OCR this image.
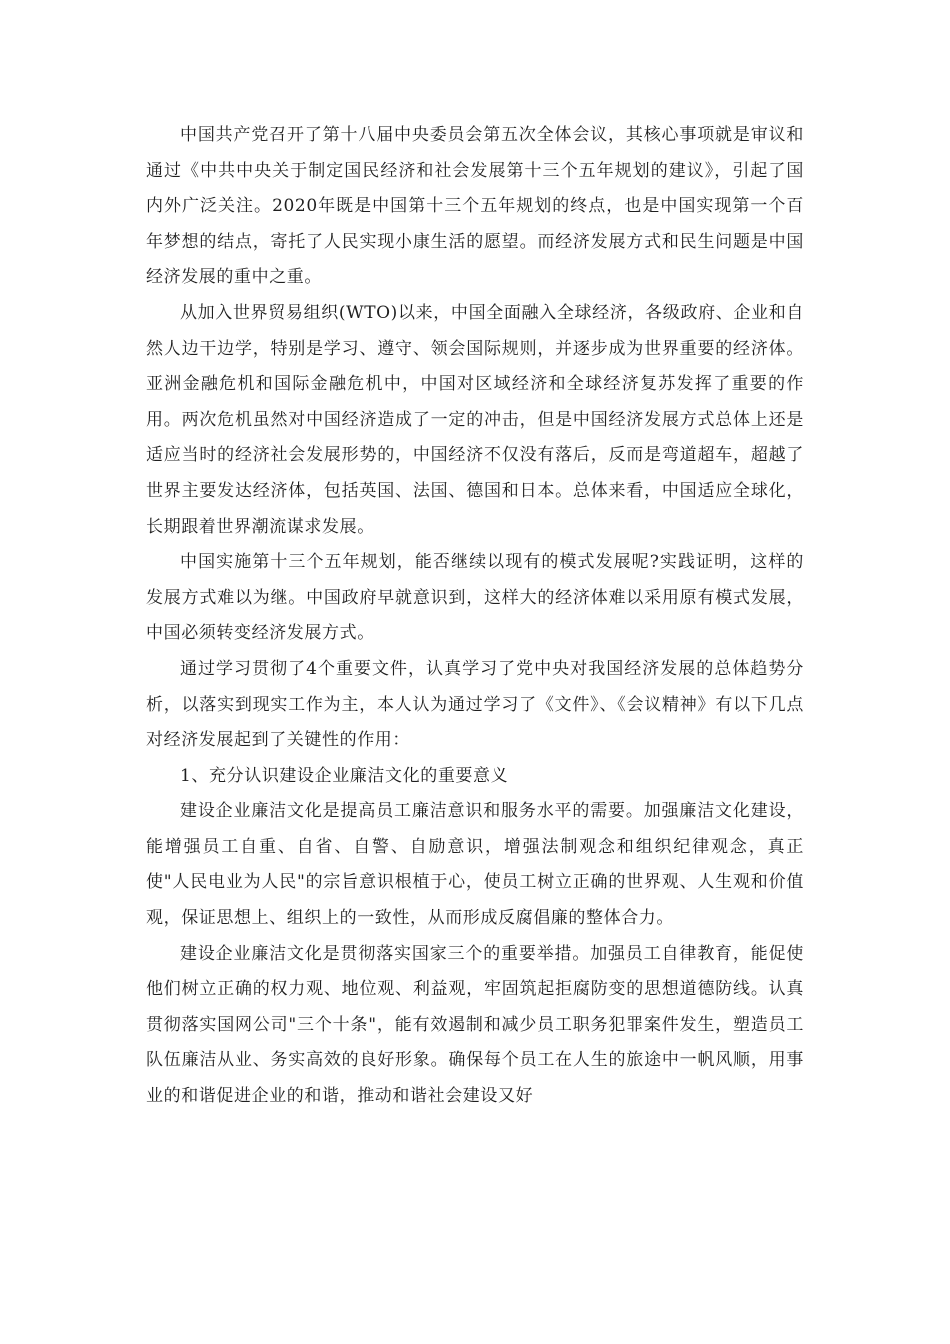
中国共产党召开了第十八届中央委员会第五次全体会议，其核心事项就是审议和通过《中共中央关于制定国民经济和社会发展第十三个五年规划的建议》，引起了国内外广泛关注。2020年既是中国第十三个五年规划的终点，也是中国实现第一个百年梦想的结点，寄托了人民实现小康生活的愿望。而经济发展方式和民生问题是中国经济发展的重中之重。

从加入世界贸易组织(WTO)以来，中国全面融入全球经济，各级政府、企业和自然人边干边学，特别是学习、遵守、领会国际规则，并逐步成为世界重要的经济体。亚洲金融危机和国际金融危机中，中国对区域经济和全球经济复苏发挥了重要的作用。两次危机虽然对中国经济造成了一定的冲击，但是中国经济发展方式总体上还是适应当时的经济社会发展形势的，中国经济不仅没有落后，反而是弯道超车，超越了世界主要发达经济体，包括英国、法国、德国和日本。总体来看，中国适应全球化，长期跟着世界潮流谋求发展。

中国实施第十三个五年规划，能否继续以现有的模式发展呢?实践证明，这样的发展方式难以为继。中国政府早就意识到，这样大的经济体难以采用原有模式发展，中国必须转变经济发展方式。

通过学习贯彻了4个重要文件，认真学习了党中央对我国经济发展的总体趋势分析，以落实到现实工作为主，本人认为通过学习了《文件》、《会议精神》有以下几点对经济发展起到了关键性的作用：

1、充分认识建设企业廉洁文化的重要意义

建设企业廉洁文化是提高员工廉洁意识和服务水平的需要。加强廉洁文化建设，能增强员工自重、自省、自警、自励意识，增强法制观念和组织纪律观念，真正使"人民电业为人民"的宗旨意识根植于心，使员工树立正确的世界观、人生观和价值观，保证思想上、组织上的一致性，从而形成反腐倡廉的整体合力。

建设企业廉洁文化是贯彻落实国家三个的重要举措。加强员工自律教育，能促使他们树立正确的权力观、地位观、利益观，牢固筑起拒腐防变的思想道德防线。认真贯彻落实国网公司"三个十条"，能有效遏制和减少员工职务犯罪案件发生，塑造员工队伍廉洁从业、务实高效的良好形象。确保每个员工在人生的旅途中一帆风顺，用事业的和谐促进企业的和谐，推动和谐社会建设又好
